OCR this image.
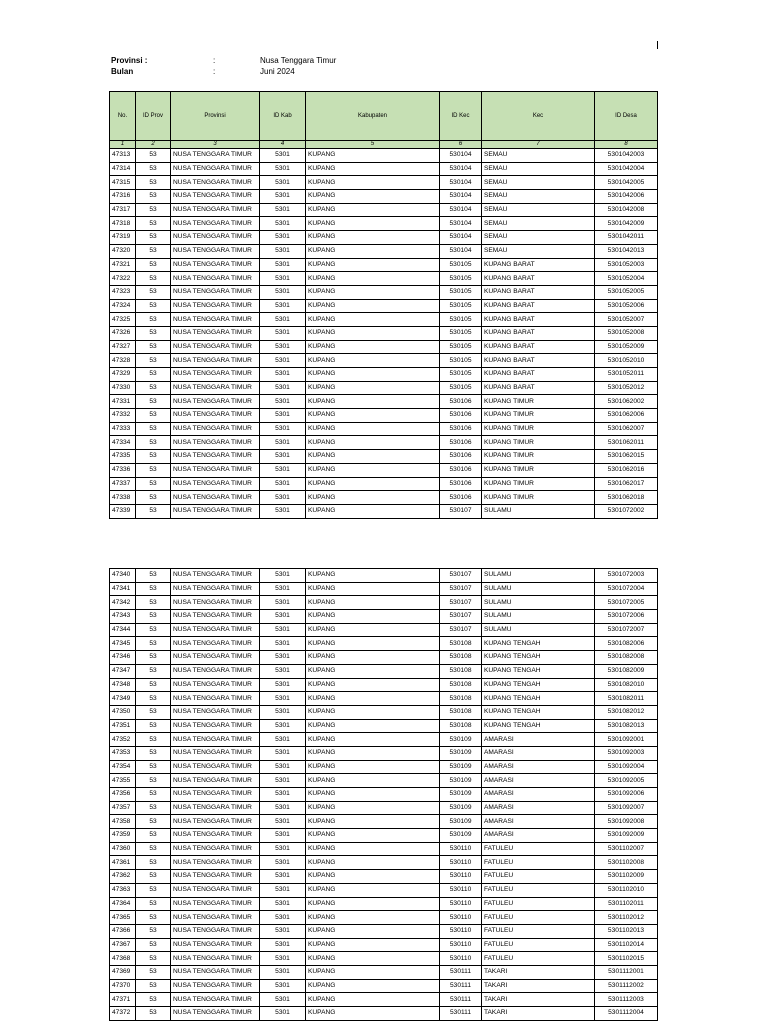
Provinsi :	:	Nusa Tenggara Timur
Bulan	:	Juni 2024
No.	ID Prov	Provinsi	ID Kab	Kabupaten	ID Kec	Kec	ID Desa
1	2	3	4	5	6	7	8
47313	53	NUSA TENGGARA TIMUR	5301	KUPANG	530104	SEMAU	5301042003
47314	53	NUSA TENGGARA TIMUR	5301	KUPANG	530104	SEMAU	5301042004
47315	53	NUSA TENGGARA TIMUR	5301	KUPANG	530104	SEMAU	5301042005
47316	53	NUSA TENGGARA TIMUR	5301	KUPANG	530104	SEMAU	5301042006
47317	53	NUSA TENGGARA TIMUR	5301	KUPANG	530104	SEMAU	5301042008
47318	53	NUSA TENGGARA TIMUR	5301	KUPANG	530104	SEMAU	5301042009
47319	53	NUSA TENGGARA TIMUR	5301	KUPANG	530104	SEMAU	5301042011
47320	53	NUSA TENGGARA TIMUR	5301	KUPANG	530104	SEMAU	5301042013
47321	53	NUSA TENGGARA TIMUR	5301	KUPANG	530105	KUPANG BARAT	5301052003
47322	53	NUSA TENGGARA TIMUR	5301	KUPANG	530105	KUPANG BARAT	5301052004
47323	53	NUSA TENGGARA TIMUR	5301	KUPANG	530105	KUPANG BARAT	5301052005
47324	53	NUSA TENGGARA TIMUR	5301	KUPANG	530105	KUPANG BARAT	5301052006
47325	53	NUSA TENGGARA TIMUR	5301	KUPANG	530105	KUPANG BARAT	5301052007
47326	53	NUSA TENGGARA TIMUR	5301	KUPANG	530105	KUPANG BARAT	5301052008
47327	53	NUSA TENGGARA TIMUR	5301	KUPANG	530105	KUPANG BARAT	5301052009
47328	53	NUSA TENGGARA TIMUR	5301	KUPANG	530105	KUPANG BARAT	5301052010
47329	53	NUSA TENGGARA TIMUR	5301	KUPANG	530105	KUPANG BARAT	5301052011
47330	53	NUSA TENGGARA TIMUR	5301	KUPANG	530105	KUPANG BARAT	5301052012
47331	53	NUSA TENGGARA TIMUR	5301	KUPANG	530106	KUPANG TIMUR	5301062002
47332	53	NUSA TENGGARA TIMUR	5301	KUPANG	530106	KUPANG TIMUR	5301062006
47333	53	NUSA TENGGARA TIMUR	5301	KUPANG	530106	KUPANG TIMUR	5301062007
47334	53	NUSA TENGGARA TIMUR	5301	KUPANG	530106	KUPANG TIMUR	5301062011
47335	53	NUSA TENGGARA TIMUR	5301	KUPANG	530106	KUPANG TIMUR	5301062015
47336	53	NUSA TENGGARA TIMUR	5301	KUPANG	530106	KUPANG TIMUR	5301062016
47337	53	NUSA TENGGARA TIMUR	5301	KUPANG	530106	KUPANG TIMUR	5301062017
47338	53	NUSA TENGGARA TIMUR	5301	KUPANG	530106	KUPANG TIMUR	5301062018
47339	53	NUSA TENGGARA TIMUR	5301	KUPANG	530107	SULAMU	5301072002
47340	53	NUSA TENGGARA TIMUR	5301	KUPANG	530107	SULAMU	5301072003
47341	53	NUSA TENGGARA TIMUR	5301	KUPANG	530107	SULAMU	5301072004
47342	53	NUSA TENGGARA TIMUR	5301	KUPANG	530107	SULAMU	5301072005
47343	53	NUSA TENGGARA TIMUR	5301	KUPANG	530107	SULAMU	5301072006
47344	53	NUSA TENGGARA TIMUR	5301	KUPANG	530107	SULAMU	5301072007
47345	53	NUSA TENGGARA TIMUR	5301	KUPANG	530108	KUPANG TENGAH	5301082006
47346	53	NUSA TENGGARA TIMUR	5301	KUPANG	530108	KUPANG TENGAH	5301082008
47347	53	NUSA TENGGARA TIMUR	5301	KUPANG	530108	KUPANG TENGAH	5301082009
47348	53	NUSA TENGGARA TIMUR	5301	KUPANG	530108	KUPANG TENGAH	5301082010
47349	53	NUSA TENGGARA TIMUR	5301	KUPANG	530108	KUPANG TENGAH	5301082011
47350	53	NUSA TENGGARA TIMUR	5301	KUPANG	530108	KUPANG TENGAH	5301082012
47351	53	NUSA TENGGARA TIMUR	5301	KUPANG	530108	KUPANG TENGAH	5301082013
47352	53	NUSA TENGGARA TIMUR	5301	KUPANG	530109	AMARASI	5301092001
47353	53	NUSA TENGGARA TIMUR	5301	KUPANG	530109	AMARASI	5301092003
47354	53	NUSA TENGGARA TIMUR	5301	KUPANG	530109	AMARASI	5301092004
47355	53	NUSA TENGGARA TIMUR	5301	KUPANG	530109	AMARASI	5301092005
47356	53	NUSA TENGGARA TIMUR	5301	KUPANG	530109	AMARASI	5301092006
47357	53	NUSA TENGGARA TIMUR	5301	KUPANG	530109	AMARASI	5301092007
47358	53	NUSA TENGGARA TIMUR	5301	KUPANG	530109	AMARASI	5301092008
47359	53	NUSA TENGGARA TIMUR	5301	KUPANG	530109	AMARASI	5301092009
47360	53	NUSA TENGGARA TIMUR	5301	KUPANG	530110	FATULEU	5301102007
47361	53	NUSA TENGGARA TIMUR	5301	KUPANG	530110	FATULEU	5301102008
47362	53	NUSA TENGGARA TIMUR	5301	KUPANG	530110	FATULEU	5301102009
47363	53	NUSA TENGGARA TIMUR	5301	KUPANG	530110	FATULEU	5301102010
47364	53	NUSA TENGGARA TIMUR	5301	KUPANG	530110	FATULEU	5301102011
47365	53	NUSA TENGGARA TIMUR	5301	KUPANG	530110	FATULEU	5301102012
47366	53	NUSA TENGGARA TIMUR	5301	KUPANG	530110	FATULEU	5301102013
47367	53	NUSA TENGGARA TIMUR	5301	KUPANG	530110	FATULEU	5301102014
47368	53	NUSA TENGGARA TIMUR	5301	KUPANG	530110	FATULEU	5301102015
47369	53	NUSA TENGGARA TIMUR	5301	KUPANG	530111	TAKARI	5301112001
47370	53	NUSA TENGGARA TIMUR	5301	KUPANG	530111	TAKARI	5301112002
47371	53	NUSA TENGGARA TIMUR	5301	KUPANG	530111	TAKARI	5301112003
47372	53	NUSA TENGGARA TIMUR	5301	KUPANG	530111	TAKARI	5301112004
